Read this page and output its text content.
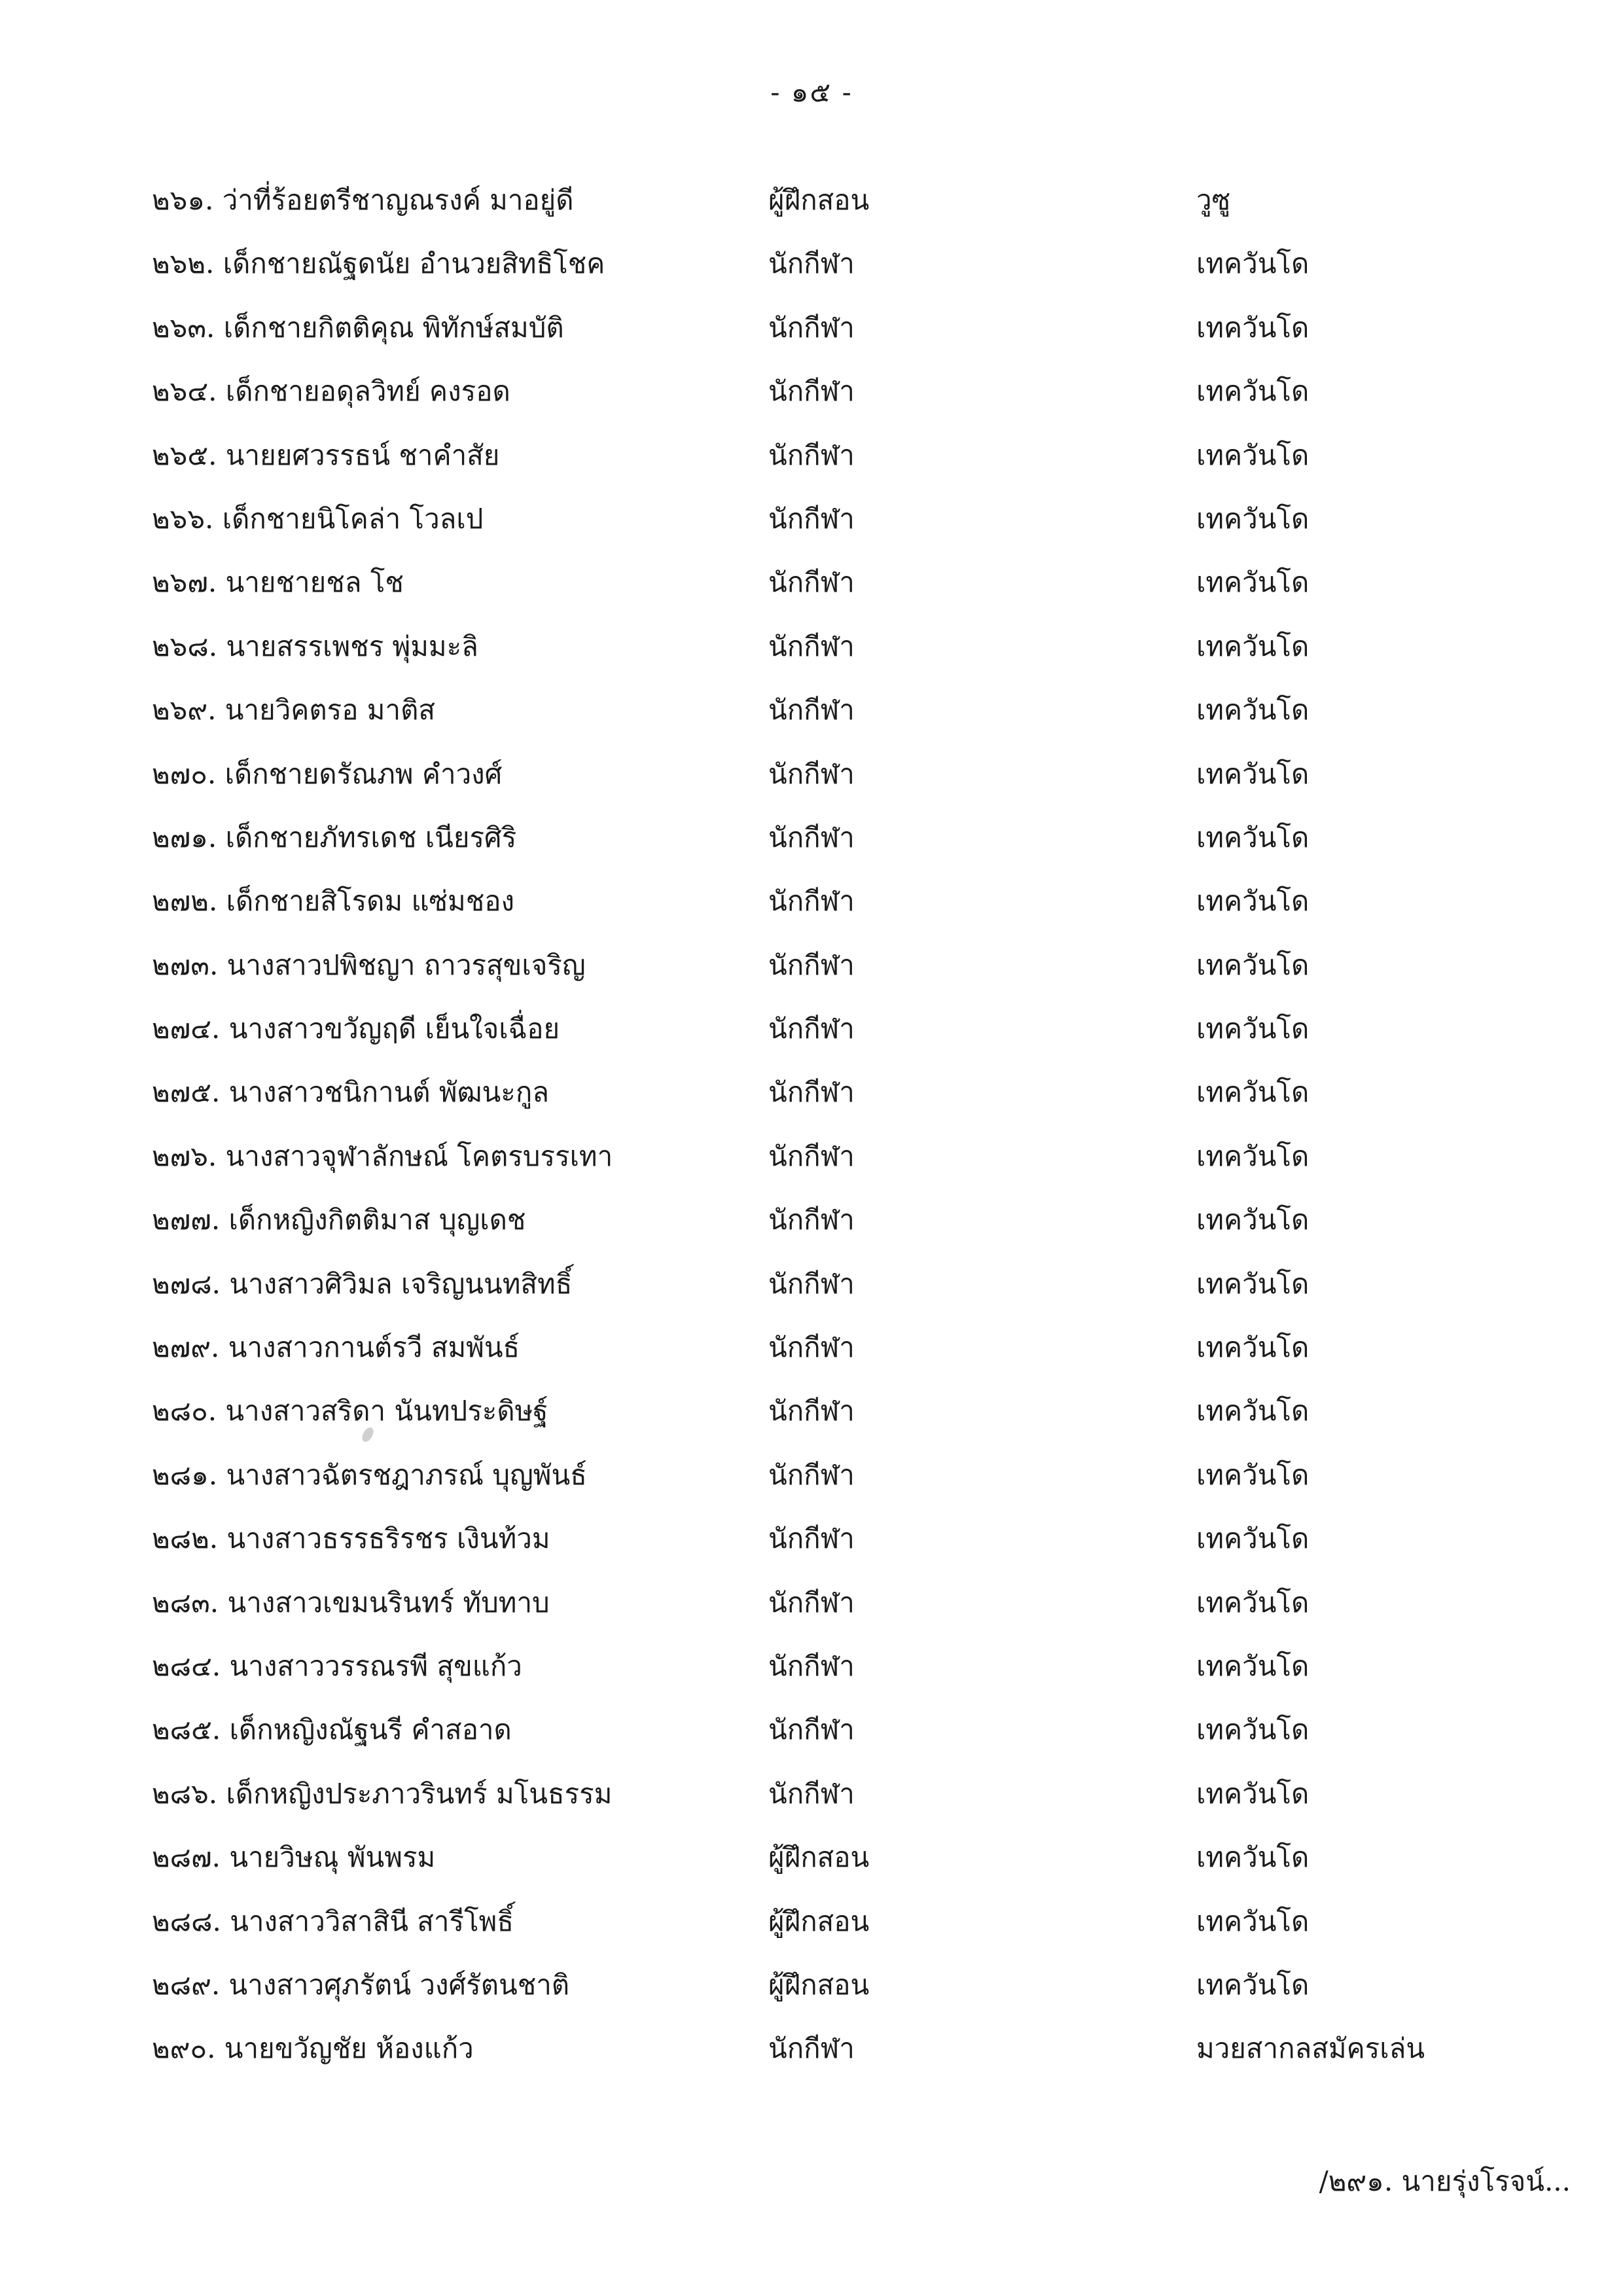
- ๑๕ -
๒๖๑. ว่าที่ร้อยตรีชาญณรงค์ มาอยู่ดี	ผู้ฝึกสอน	วูซู
๒๖๒. เด็กชายณัฐดนัย อำนวยสิทธิโชค	นักกีฬา	เทควันโด
๒๖๓. เด็กชายกิตติคุณ พิทักษ์สมบัติ	นักกีฬา	เทควันโด
๒๖๔. เด็กชายอดุลวิทย์ คงรอด	นักกีฬา	เทควันโด
๒๖๕. นายยศวรรธน์ ชาคำสัย	นักกีฬา	เทควันโด
๒๖๖. เด็กชายนิโคล่า โวลเป	นักกีฬา	เทควันโด
๒๖๗. นายชายชล โช	นักกีฬา	เทควันโด
๒๖๘. นายสรรเพชร พุ่มมะลิ	นักกีฬา	เทควันโด
๒๖๙. นายวิคตรอ มาติส	นักกีฬา	เทควันโด
๒๗๐. เด็กชายดรัณภพ คำวงศ์	นักกีฬา	เทควันโด
๒๗๑. เด็กชายภัทรเดช เนียรศิริ	นักกีฬา	เทควันโด
๒๗๒. เด็กชายสิโรดม แซ่มชอง	นักกีฬา	เทควันโด
๒๗๓. นางสาวปพิชญา ถาวรสุขเจริญ	นักกีฬา	เทควันโด
๒๗๔. นางสาวขวัญฤดี เย็นใจเฉื่อย	นักกีฬา	เทควันโด
๒๗๕. นางสาวชนิกานต์ พัฒนะกูล	นักกีฬา	เทควันโด
๒๗๖. นางสาวจุฬาลักษณ์ โคตรบรรเทา	นักกีฬา	เทควันโด
๒๗๗. เด็กหญิงกิตติมาส บุญเดช	นักกีฬา	เทควันโด
๒๗๘. นางสาวศิวิมล เจริญนนทสิทธิ์	นักกีฬา	เทควันโด
๒๗๙. นางสาวกานต์รวี สมพันธ์	นักกีฬา	เทควันโด
๒๘๐. นางสาวสริดา นันทประดิษฐ์	นักกีฬา	เทควันโด
๒๘๑. นางสาวฉัตรชฎาภรณ์ บุญพันธ์	นักกีฬา	เทควันโด
๒๘๒. นางสาวธรรธริรชร เงินท้วม	นักกีฬา	เทควันโด
๒๘๓. นางสาวเขมนรินทร์ ทับทาบ	นักกีฬา	เทควันโด
๒๘๔. นางสาววรรณรพี สุขแก้ว	นักกีฬา	เทควันโด
๒๘๕. เด็กหญิงณัฐนรี คำสอาด	นักกีฬา	เทควันโด
๒๘๖. เด็กหญิงประภาวรินทร์ มโนธรรม	นักกีฬา	เทควันโด
๒๘๗. นายวิษณุ พันพรม	ผู้ฝึกสอน	เทควันโด
๒๘๘. นางสาววิสาสินี สารีโพธิ์	ผู้ฝึกสอน	เทควันโด
๒๘๙. นางสาวศุภรัตน์ วงศ์รัตนชาติ	ผู้ฝึกสอน	เทควันโด
๒๙๐. นายขวัญชัย ห้องแก้ว	นักกีฬา	มวยสากลสมัครเล่น
/๒๙๑. นายรุ่งโรจน์...
